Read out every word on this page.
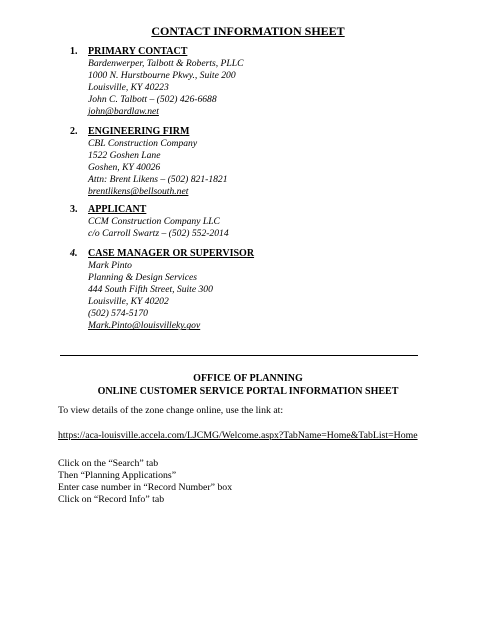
CONTACT INFORMATION SHEET
1. PRIMARY CONTACT
Bardenwerper, Talbott & Roberts, PLLC
1000 N. Hurstbourne Pkwy., Suite 200
Louisville, KY 40223
John C. Talbott – (502) 426-6688
john@bardlaw.net
2. ENGINEERING FIRM
CBL Construction Company
1522 Goshen Lane
Goshen, KY 40026
Attn: Brent Likens – (502) 821-1821
brentlikens@bellsouth.net
3. APPLICANT
CCM Construction Company LLC
c/o Carroll Swartz – (502) 552-2014
4. CASE MANAGER OR SUPERVISOR
Mark Pinto
Planning & Design Services
444 South Fifth Street, Suite 300
Louisville, KY 40202
(502) 574-5170
Mark.Pinto@louisvilleky.gov
OFFICE OF PLANNING
ONLINE CUSTOMER SERVICE PORTAL INFORMATION SHEET
To view details of the zone change online, use the link at:
https://aca-louisville.accela.com/LJCMG/Welcome.aspx?TabName=Home&TabList=Home
Click on the “Search” tab
Then “Planning Applications”
Enter case number in “Record Number” box
Click on “Record Info” tab
